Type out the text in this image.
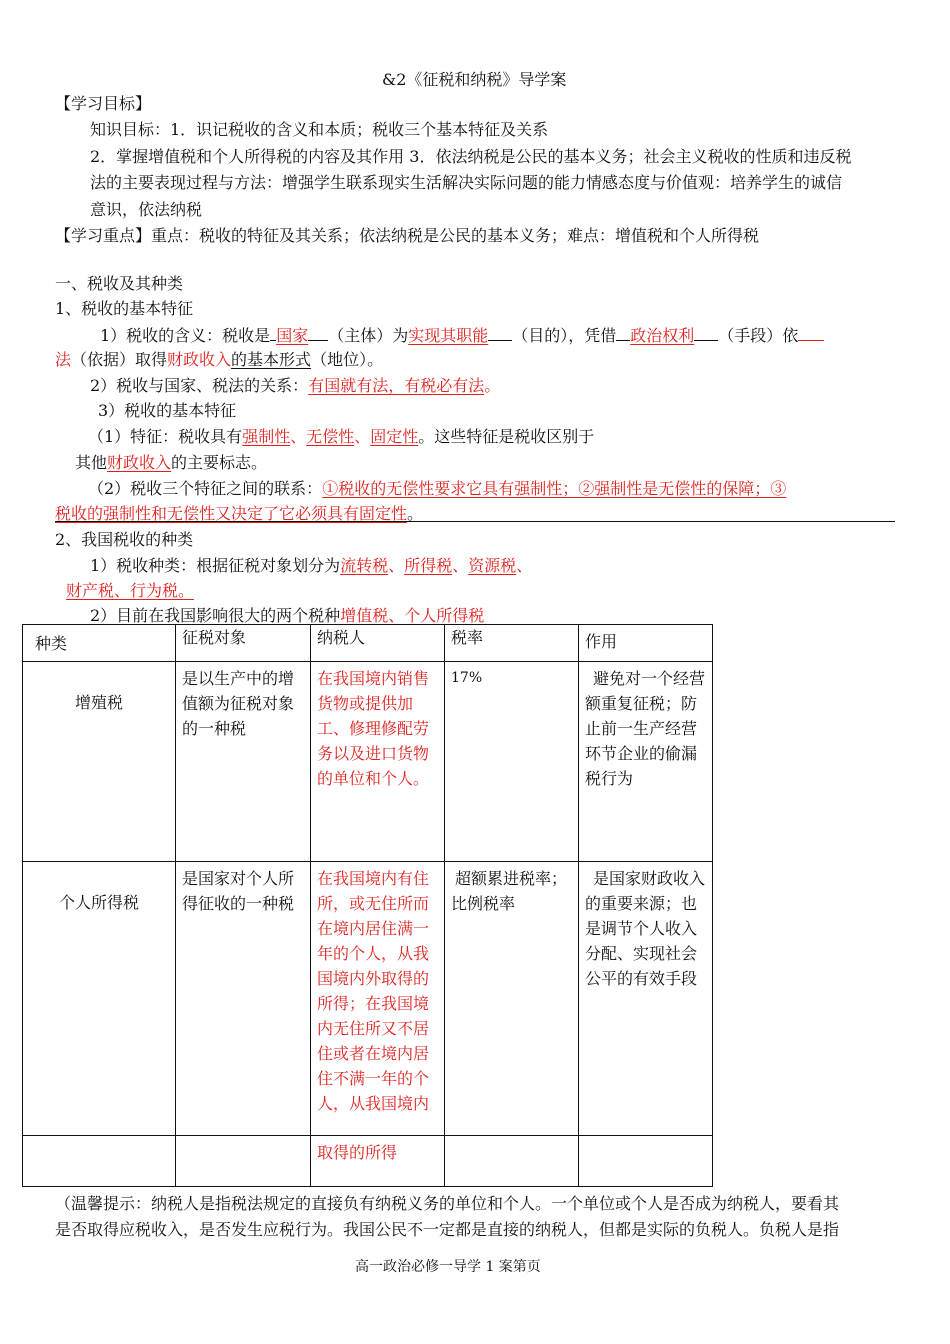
&2《征税和纳税》导学案
【学习目标】
知识目标：1．识记税收的含义和本质；税收三个基本特征及关系
2．掌握增值税和个人所得税的内容及其作用 3．依法纳税是公民的基本义务；社会主义税收的性质和违反税
法的主要表现过程与方法：增强学生联系现实生活解决实际问题的能力情感态度与价值观：培养学生的诚信
意识，依法纳税
【学习重点】重点：税收的特征及其关系；依法纳税是公民的基本义务；难点：增值税和个人所得税
一、税收及其种类
1、税收的基本特征
1）税收的含义：税收是 国家 （主体）为实现其职能 （目的），凭借 政治权利 （手段）依
法（依据）取得财政收入的基本形式（地位）。
2）税收与国家、税法的关系：有国就有法，有税必有法。
3）税收的基本特征
（1）特征：税收具有强制性、无偿性、固定性。这些特征是税收区别于
其他财政收入的主要标志。
（2）税收三个特征之间的联系：①税收的无偿性要求它具有强制性；②强制性是无偿性的保障；③
税收的强制性和无偿性又决定了它必须具有固定性。
2、我国税收的种类
1）税收种类：根据征税对象划分为流转税、所得税、资源税、
财产税、行为税。
2）目前在我国影响很大的两个税种增值税、个人所得税
种类	征税对象	纳税人	税率	作用

增殖税	是以生产中的增值额为征税对象的一种税	在我国境内销售货物或提供加工、修理修配劳务以及进口货物的单位和个人。	17%	避免对一个经营额重复征税；防止前一生产经营环节企业的偷漏税行为

个人所得税	是国家对个人所得征收的一种税	在我国境内有住所，或无住所而在境内居住满一年的个人，从我国境内外取得的所得；在我国境内无住所又不居住或者在境内居住不满一年的个人，从我国境内	超额累进税率；比例税率	是国家财政收入的重要来源；也是调节个人收入分配、实现社会公平的有效手段

		取得的所得		

（温馨提示：纳税人是指税法规定的直接负有纳税义务的单位和个人。一个单位或个人是否成为纳税人，要看其
是否取得应税收入，是否发生应税行为。我国公民不一定都是直接的纳税人，但都是实际的负税人。负税人是指
高一政治必修一导学 1 案第页
